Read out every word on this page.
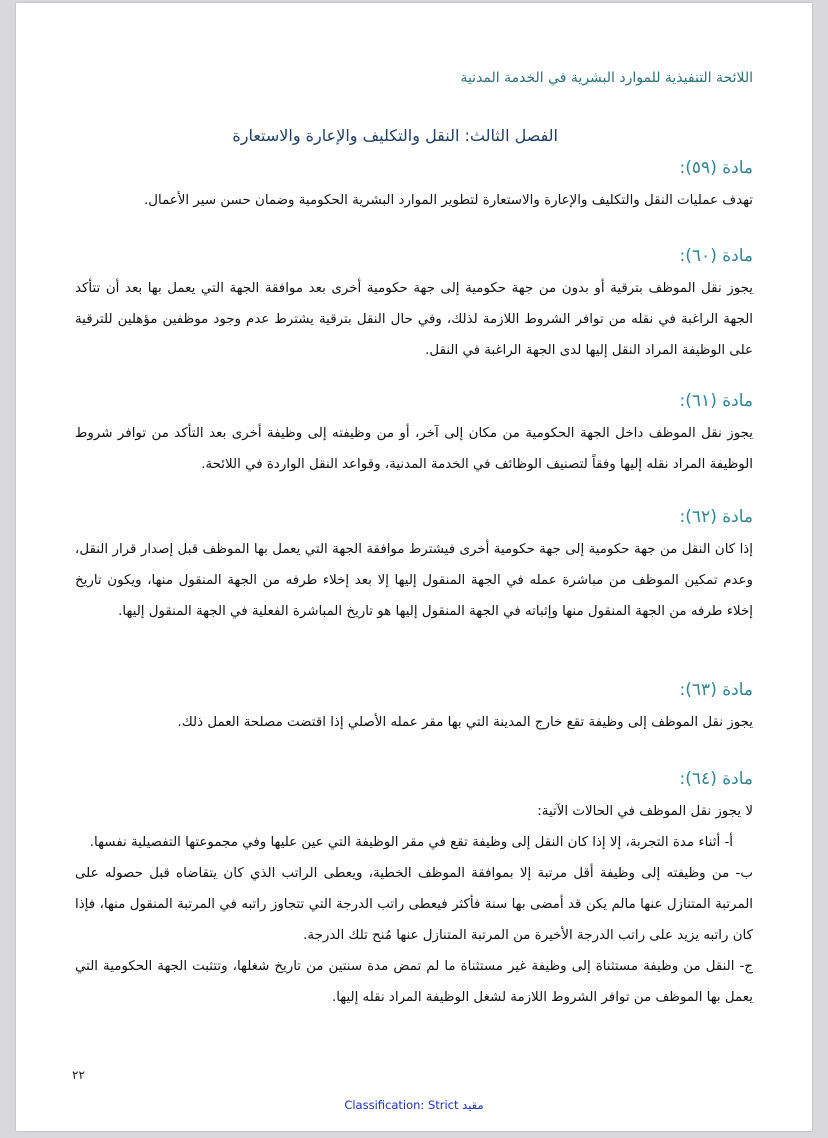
اللائحة التنفيذية للموارد البشرية في الخدمة المدنية
الفصل الثالث: النقل والتكليف والإعارة والاستعارة
مادة (٥٩):
تهدف عمليات النقل والتكليف والإعارة والاستعارة لتطوير الموارد البشرية الحكومية وضمان حسن سير الأعمال.
مادة (٦٠):
يجوز نقل الموظف بترقية أو بدون من جهة حكومية إلى جهة حكومية أخرى بعد موافقة الجهة التي يعمل بها بعد أن تتأكد الجهة الراغبة في نقله من توافر الشروط اللازمة لذلك، وفي حال النقل بترقية يشترط عدم وجود موظفين مؤهلين للترقية على الوظيفة المراد النقل إليها لدى الجهة الراغبة في النقل.
مادة (٦١):
يجوز نقل الموظف داخل الجهة الحكومية من مكان إلى آخر، أو من وظيفته إلى وظيفة أخرى بعد التأكد من توافر شروط الوظيفة المراد نقله إليها وفقاً لتصنيف الوظائف في الخدمة المدنية، وقواعد النقل الواردة في اللائحة.
مادة (٦٢):
إذا كان النقل من جهة حكومية إلى جهة حكومية أخرى فيشترط موافقة الجهة التي يعمل بها الموظف قبل إصدار قرار النقل، وعدم تمكين الموظف من مباشرة عمله في الجهة المنقول إليها إلا بعد إخلاء طرفه من الجهة المنقول منها، ويكون تاريخ إخلاء طرفه من الجهة المنقول منها وإثباته في الجهة المنقول إليها هو تاريخ المباشرة الفعلية في الجهة المنقول إليها.
مادة (٦٣):
يجوز نقل الموظف إلى وظيفة تقع خارج المدينة التي بها مقر عمله الأصلي إذا اقتضت مصلحة العمل ذلك.
مادة (٦٤):
لا يجوز نقل الموظف في الحالات الآتية:
أ- أثناء مدة التجربة، إلا إذا كان النقل إلى وظيفة تقع في مقر الوظيفة التي عين عليها وفي مجموعتها التفصيلية نفسها.
ب- من وظيفته إلى وظيفة أقل مرتبة إلا بموافقة الموظف الخطية، ويعطى الراتب الذي كان يتقاضاه قبل حصوله على المرتبة المتنازل عنها مالم يكن قد أمضى بها سنة فأكثر فيعطى راتب الدرجة التي تتجاوز راتبه في المرتبة المنقول منها، فإذا كان راتبه يزيد على راتب الدرجة الأخيرة من المرتبة المتنازل عنها مُنح تلك الدرجة.
ج- النقل من وظيفة مستثناة إلى وظيفة غير مستثناة ما لم تمض مدة سنتين من تاريخ شغلها، وتتثبت الجهة الحكومية التي يعمل بها الموظف من توافر الشروط اللازمة لشغل الوظيفة المراد نقله إليها.
٢٢
Classification: Strict مقيد
